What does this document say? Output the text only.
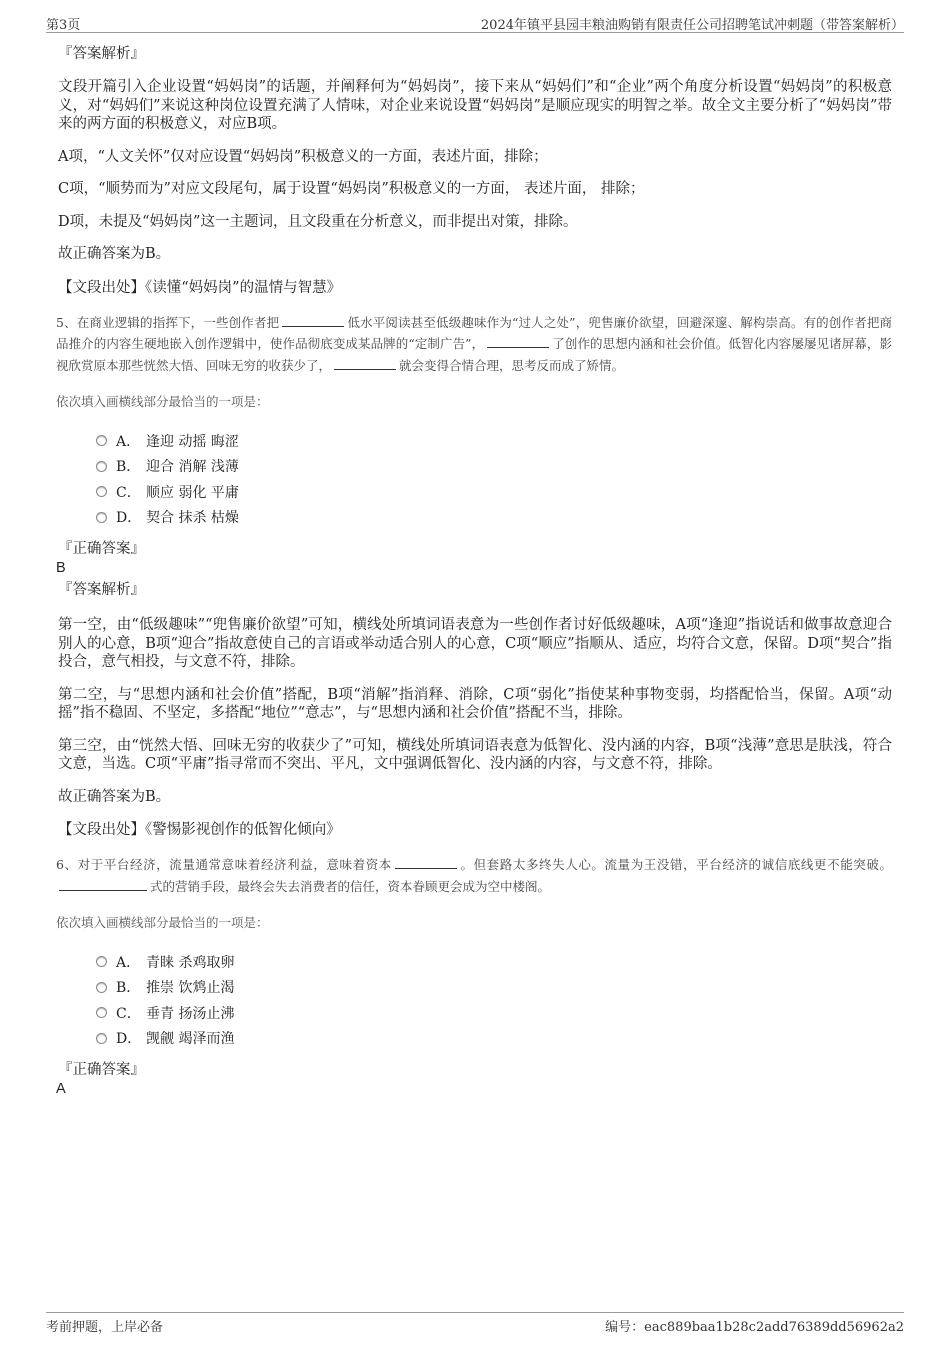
第3页	2024年镇平县园丰粮油购销有限责任公司招聘笔试冲刺题（带答案解析）
『答案解析』

文段开篇引入企业设置“妈妈岗”的话题，并阐释何为“妈妈岗”，接下来从“妈妈们”和“企业”两个角度分析设置“妈妈岗”的积极意义，对“妈妈们”来说这种岗位设置充满了人情味，对企业来说设置“妈妈岗”是顺应现实的明智之举。故全文主要分析了“妈妈岗”带来的两方面的积极意义，对应B项。

A项，“人文关怀”仅对应设置“妈妈岗”积极意义的一方面，表述片面，排除；

C项，“顺势而为”对应文段尾句，属于设置“妈妈岗”积极意义的一方面， 表述片面， 排除；

D项，未提及“妈妈岗”这一主题词，且文段重在分析意义，而非提出对策，排除。

故正确答案为B。

【文段出处】《读懂“妈妈岗”的温情与智慧》
5、在商业逻辑的指挥下，一些创作者把	低水平阅读甚至低级趣味作为“过人之处”，兜售廉价欲望，回避深邃、解构崇高。有的创作者把商品推介的内容生硬地嵌入创作逻辑中，使作品彻底变成某品牌的“定制广告”，	了创作的思想内涵和社会价值。低智化内容屡屡见诸屏幕，影视欣赏原本那些恍然大悟、回味无穷的收获少了，	就会变得合情合理，思考反而成了矫情。
依次填入画横线部分最恰当的一项是：
A． 逢迎 动摇 晦涩
B． 迎合 消解 浅薄
C． 顺应 弱化 平庸
D． 契合 抹杀 枯燥
『正确答案』
B
『答案解析』

第一空，由“低级趣味”“兜售廉价欲望”可知，横线处所填词语表意为一些创作者讨好低级趣味，A项“逢迎”指说话和做事故意迎合别人的心意，B项“迎合”指故意使自己的言语或举动适合别人的心意，C项“顺应”指顺从、适应，均符合文意，保留。D项“契合”指投合，意气相投，与文意不符，排除。

第二空，与“思想内涵和社会价值”搭配，B项“消解”指消释、消除，C项“弱化”指使某种事物变弱，均搭配恰当，保留。A项“动摇”指不稳固、不坚定，多搭配“地位”“意志”，与“思想内涵和社会价值”搭配不当，排除。

第三空，由“恍然大悟、回味无穷的收获少了”可知，横线处所填词语表意为低智化、没内涵的内容，B项“浅薄”意思是肤浅，符合文意，当选。C项“平庸”指寻常而不突出、平凡，文中强调低智化、没内涵的内容，与文意不符，排除。

故正确答案为B。

【文段出处】《警惕影视创作的低智化倾向》
6、对于平台经济，流量通常意味着经济利益，意味着资本	。但套路太多终失人心。流量为王没错，平台经济的诚信底线更不能突破。式的营销手段，最终会失去消费者的信任，资本眷顾更会成为空中楼阁。
依次填入画横线部分最恰当的一项是：
A． 青睐 杀鸡取卵
B． 推崇 饮鸩止渴
C． 垂青 扬汤止沸
D． 觊觎 竭泽而渔
『正确答案』
A
考前押题，上岸必备	编号：eac889baa1b28c2add76389dd56962a2
